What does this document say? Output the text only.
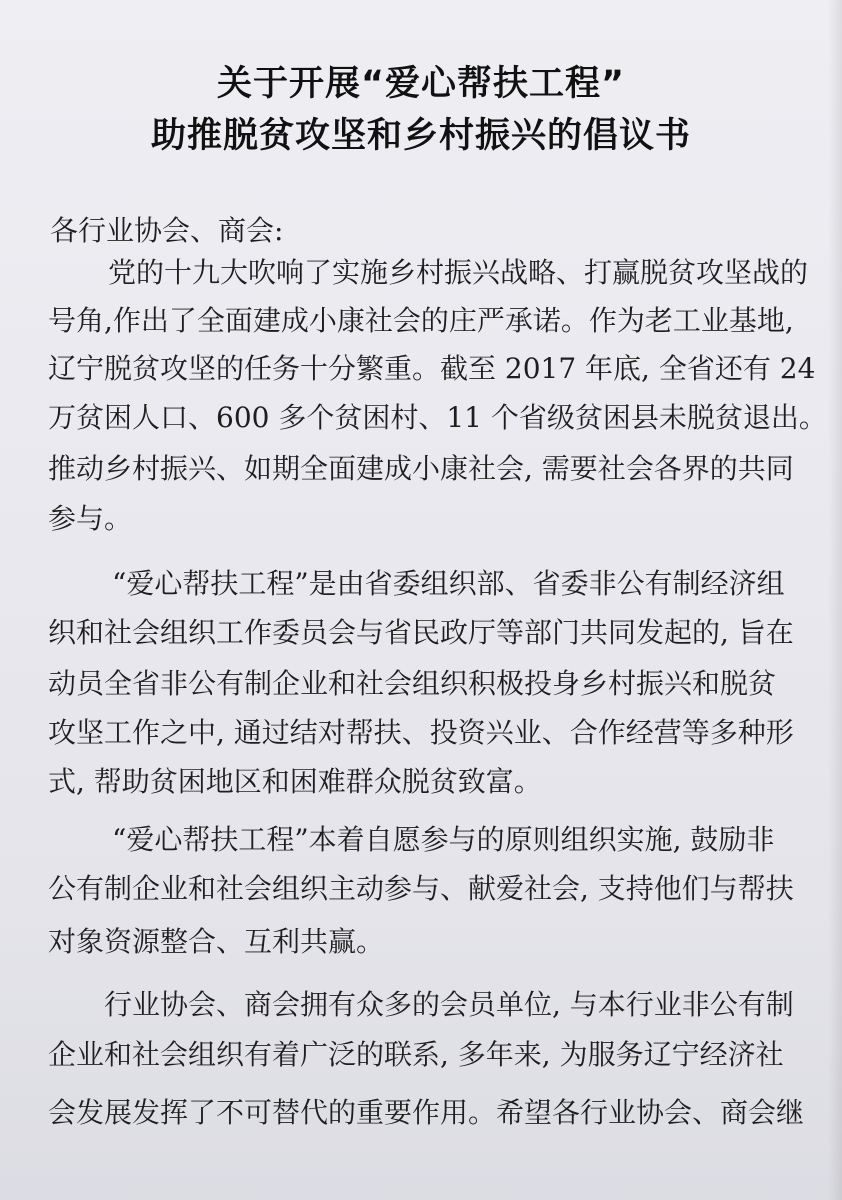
关于开展“爱心帮扶工程”
助推脱贫攻坚和乡村振兴的倡议书
各行业协会、商会:
党的十九大吹响了实施乡村振兴战略、打赢脱贫攻坚战的
号角,作出了全面建成小康社会的庄严承诺。作为老工业基地,
辽宁脱贫攻坚的任务十分繁重。截至 2017 年底, 全省还有 24
万贫困人口、600 多个贫困村、11 个省级贫困县未脱贫退出。
推动乡村振兴、如期全面建成小康社会, 需要社会各界的共同
参与。
“爱心帮扶工程”是由省委组织部、省委非公有制经济组
织和社会组织工作委员会与省民政厅等部门共同发起的, 旨在
动员全省非公有制企业和社会组织积极投身乡村振兴和脱贫
攻坚工作之中, 通过结对帮扶、投资兴业、合作经营等多种形
式, 帮助贫困地区和困难群众脱贫致富。
“爱心帮扶工程”本着自愿参与的原则组织实施, 鼓励非
公有制企业和社会组织主动参与、献爱社会, 支持他们与帮扶
对象资源整合、互利共赢。
行业协会、商会拥有众多的会员单位, 与本行业非公有制
企业和社会组织有着广泛的联系, 多年来, 为服务辽宁经济社
会发展发挥了不可替代的重要作用。希望各行业协会、商会继
